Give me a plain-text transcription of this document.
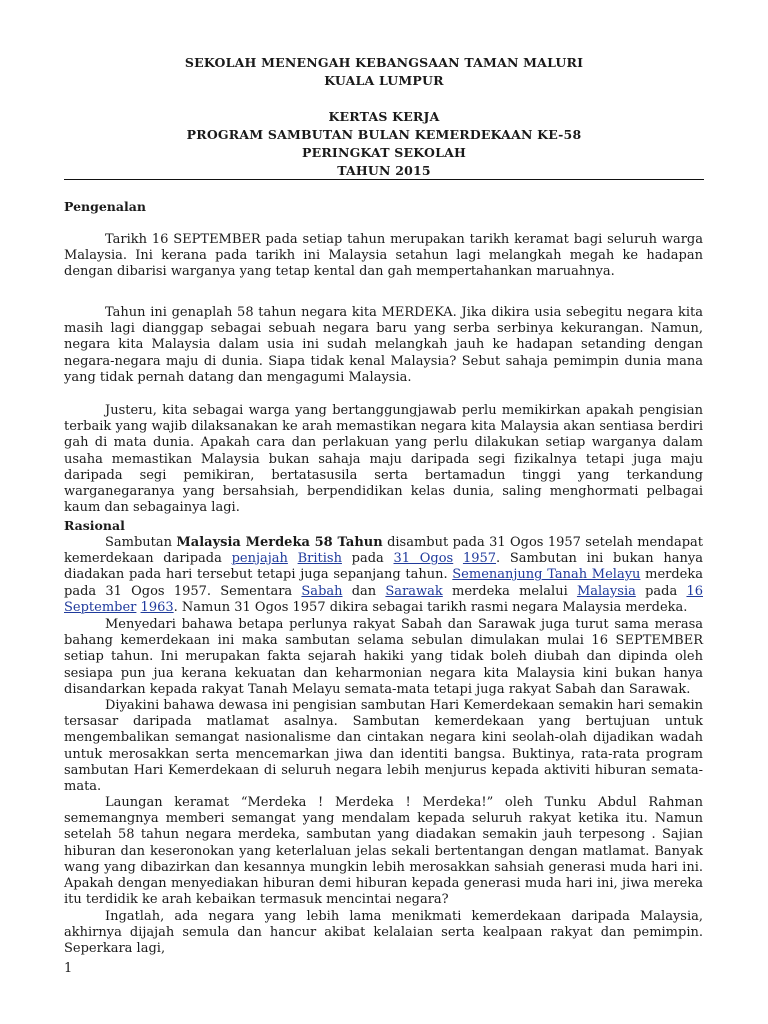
SEKOLAH MENENGAH KEBANGSAAN TAMAN MALURI
KUALA LUMPUR
KERTAS KERJA
PROGRAM SAMBUTAN BULAN KEMERDEKAAN KE-58
PERINGKAT SEKOLAH
TAHUN 2015
Pengenalan

Tarikh 16 SEPTEMBER pada setiap tahun merupakan tarikh keramat bagi seluruh warga Malaysia. Ini kerana pada tarikh ini Malaysia setahun lagi melangkah megah ke hadapan dengan dibarisi warganya yang tetap kental dan gah mempertahankan maruahnya.

Tahun ini genaplah 58 tahun negara kita MERDEKA. Jika dikira usia sebegitu negara kita masih lagi dianggap sebagai sebuah negara baru yang serba serbinya kekurangan. Namun, negara kita Malaysia dalam usia ini sudah melangkah jauh ke hadapan setanding dengan negara-negara maju di dunia. Siapa tidak kenal Malaysia? Sebut sahaja pemimpin dunia mana yang tidak pernah datang dan mengagumi Malaysia.

Justeru, kita sebagai warga yang bertanggungjawab perlu memikirkan apakah pengisian terbaik yang wajib dilaksanakan ke arah memastikan negara kita Malaysia akan sentiasa berdiri gah di mata dunia. Apakah cara dan perlakuan yang perlu dilakukan setiap warganya dalam usaha memastikan Malaysia bukan sahaja maju daripada segi fizikalnya tetapi juga maju daripada segi pemikiran, bertatasusila serta bertamadun tinggi yang terkandung warganegaranya yang bersahsiah, berpendidikan kelas dunia, saling menghormati pelbagai kaum dan sebagainya lagi.

Rasional

Sambutan Malaysia Merdeka 58 Tahun disambut pada 31 Ogos 1957 setelah mendapat kemerdekaan daripada penjajah British pada 31 Ogos 1957. Sambutan ini bukan hanya diadakan pada hari tersebut tetapi juga sepanjang tahun. Semenanjung Tanah Melayu merdeka pada 31 Ogos 1957. Sementara Sabah dan Sarawak merdeka melalui Malaysia pada 16 September 1963. Namun 31 Ogos 1957 dikira sebagai tarikh rasmi negara Malaysia merdeka.

Menyedari bahawa betapa perlunya rakyat Sabah dan Sarawak juga turut sama merasa bahang kemerdekaan ini maka sambutan selama sebulan dimulakan mulai 16 SEPTEMBER setiap tahun. Ini merupakan fakta sejarah hakiki yang tidak boleh diubah dan dipinda oleh sesiapa pun jua kerana kekuatan dan keharmonian negara kita Malaysia kini bukan hanya disandarkan kepada rakyat Tanah Melayu semata-mata tetapi juga rakyat Sabah dan Sarawak.

Diyakini bahawa dewasa ini pengisian sambutan Hari Kemerdekaan semakin hari semakin tersasar daripada matlamat asalnya. Sambutan kemerdekaan yang bertujuan untuk mengembalikan semangat nasionalisme dan cintakan negara kini seolah-olah dijadikan wadah untuk merosakkan serta mencemarkan jiwa dan identiti bangsa. Buktinya, rata-rata program sambutan Hari Kemerdekaan di seluruh negara lebih menjurus kepada aktiviti hiburan semata-mata.

Laungan keramat “Merdeka ! Merdeka ! Merdeka!” oleh Tunku Abdul Rahman sememangnya memberi semangat yang mendalam kepada seluruh rakyat ketika itu. Namun setelah 58 tahun negara merdeka, sambutan yang diadakan semakin jauh terpesong . Sajian hiburan dan keseronokan yang keterlaluan jelas sekali bertentangan dengan matlamat. Banyak wang yang dibazirkan dan kesannya mungkin lebih merosakkan sahsiah generasi muda hari ini. Apakah dengan menyediakan hiburan demi hiburan kepada generasi muda hari ini, jiwa mereka itu terdidik ke arah kebaikan termasuk mencintai negara?

Ingatlah, ada negara yang lebih lama menikmati kemerdekaan daripada Malaysia, akhirnya dijajah semula dan hancur akibat kelalaian serta kealpaan rakyat dan pemimpin. Seperkara lagi,

1
